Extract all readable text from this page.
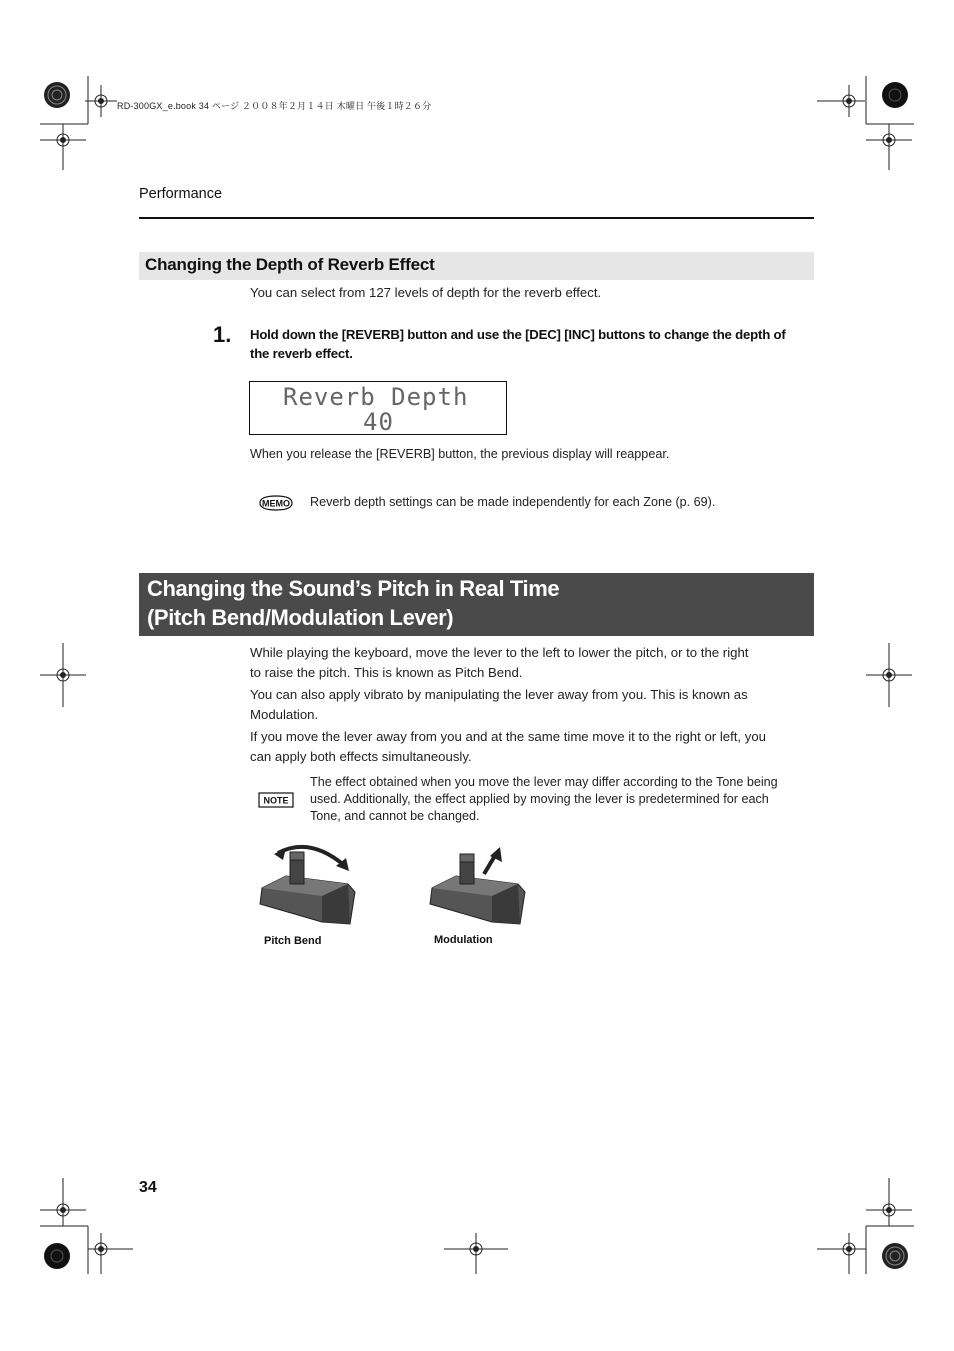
RD-300GX_e.book 34 ページ ２００８年２月１４日 木曜日 午後１時２６分
Performance
Changing the Depth of Reverb Effect
You can select from 127 levels of depth for the reverb effect.
1. Hold down the [REVERB] button and use the [DEC] [INC] buttons to change the depth of
the reverb effect.
Reverb Depth
40
When you release the [REVERB] button, the previous display will reappear.
MEMO Reverb depth settings can be made independently for each Zone (p. 69).
Changing the Sound’s Pitch in Real Time
(Pitch Bend/Modulation Lever)
While playing the keyboard, move the lever to the left to lower the pitch, or to the right
to raise the pitch. This is known as Pitch Bend.
You can also apply vibrato by manipulating the lever away from you. This is known as
Modulation.
If you move the lever away from you and at the same time move it to the right or left, you
can apply both effects simultaneously.
NOTE
The effect obtained when you move the lever may differ according to the Tone being
used. Additionally, the effect applied by moving the lever is predetermined for each
Tone, and cannot be changed.
Pitch Bend	Modulation
34
